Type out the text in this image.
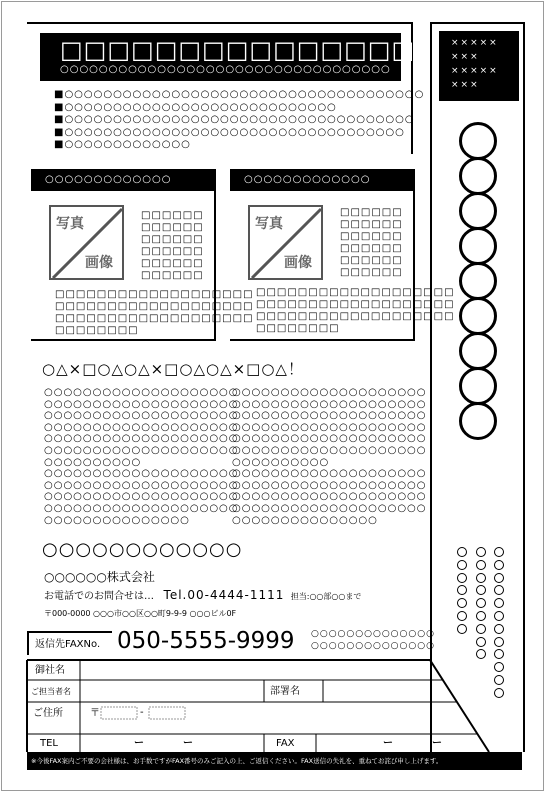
□□□□□□□□□□□□□□□□
○○○○○○○○○○○○○○○○○○○○○○○○○○○○○○○○○○
■○○○○○○○○○○○○○○○○○○○○○○○○○○○○○○○○○○○○○
■○○○○○○○○○○○○○○○○○○○○○○○○○○○○
■○○○○○○○○○○○○○○○○○○○○○○○○○○○○○○○○○○○○
■○○○○○○○○○○○○○○○○○○○○○○○○○○○○○○○○○○○
■○○○○○○○○○○○○○
○○○○○○○○○○○○○
写真
画像
□□□□□□
□□□□□□
□□□□□□
□□□□□□
□□□□□□
□□□□□□
□□□□□□□□□□□□□□□□□□□
□□□□□□□□□□□□□□□□□□□
□□□□□□□□□□□□□□□□□□□
□□□□□□□□
○○○○○○○○○○○○○
写真
画像
□□□□□□
□□□□□□
□□□□□□
□□□□□□
□□□□□□
□□□□□□
□□□□□□□□□□□□□□□□□□□
□□□□□□□□□□□□□□□□□□□
□□□□□□□□□□□□□□□□□□□
□□□□□□□□
○△×□○△○△×□○△○△×□○△！
○○○○○○○○○○○○○○○○○○○○
○○○○○○○○○○○○○○○○○○○○
○○○○○○○○○○○○○○○○○○○○
○○○○○○○○○○○○○○○○○○○○
○○○○○○○○○○○○○○○○○○○○
○○○○○○○○○○○○○○○○○○○○
○○○○○○○○○○
○○○○○○○○○○○○○○○○○○○○
○○○○○○○○○○○○○○○○○○○○
○○○○○○○○○○○○○○○○○○○○
○○○○○○○○○○○○○○○○○○○○
○○○○○○○○○○○○○○○
○○○○○○○○○○○○○○○○○○○○
○○○○○○○○○○○○○○○○○○○○
○○○○○○○○○○○○○○○○○○○○
○○○○○○○○○○○○○○○○○○○○
○○○○○○○○○○○○○○○○○○○○
○○○○○○○○○○○○○○○○○○○○
○○○○○○○○○○
○○○○○○○○○○○○○○○○○○○○
○○○○○○○○○○○○○○○○○○○○
○○○○○○○○○○○○○○○○○○○○
○○○○○○○○○○○○○○○○○○○○
○○○○○○○○○○○○○○○
○○○○○○○○○○○○
○○○○○○株式会社
お電話でのお問合せは… Tel.00-4444-1111 担当:○○部○○まで
〒000-0000 ○○○市○○区○○町9-9-9 ○○○ビル0F
×××××
×××
×××××
×××
返信先FAXNo. 050-5555-9999 ○○○○○○○○○○○○○○
○○○○○○○○○○○○○○
御社名
ご担当者名	部署名
ご住所	〒	-
TEL	ー	ー	FAX	ー	ー
※今後FAX案内ご不要の会社様は、お手数ですがFAX番号のみご記入の上、ご返信ください。FAX送信の失礼を、重ねてお詫び申し上げます。
